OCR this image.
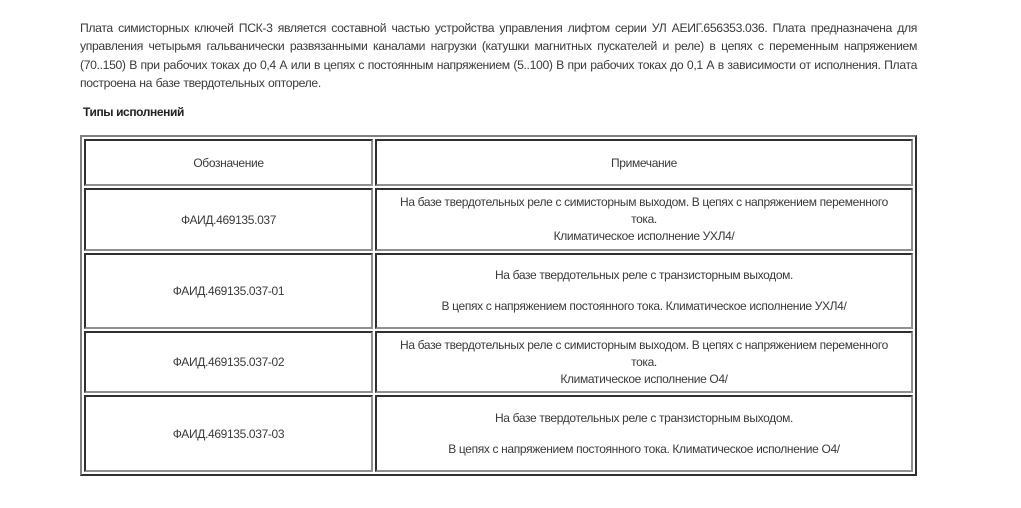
Плата симисторных ключей ПСК-3 является составной частью устройства управления лифтом серии УЛ АЕИГ.656353.036. Плата предназначена для управления четырьмя гальванически развязанными каналами нагрузки (катушки магнитных пускателей и реле) в цепях с переменным напряжением (70..150) В при рабочих токах до 0,4 А или в цепях с постоянным напряжением (5..100) В при рабочих токах до 0,1 А в зависимости от исполнения. Плата построена на базе твердотельных оптореле.

Типы исполнений
Обозначение	Примечание
ФАИД.469135.037	На базе твердотельных реле с симисторным выходом. В цепях с напряжением переменного тока.
Климатическое исполнение УХЛ4/

ФАИД.469135.037-01	На базе твердотельных реле с транзисторным выходом.
В цепях с напряжением постоянного тока. Климатическое исполнение УХЛ4/

ФАИД.469135.037-02	На базе твердотельных реле с симисторным выходом. В цепях с напряжением переменного тока.
Климатическое исполнение О4/

ФАИД.469135.037-03	На базе твердотельных реле с транзисторным выходом.
В цепях с напряжением постоянного тока. Климатическое исполнение О4/
